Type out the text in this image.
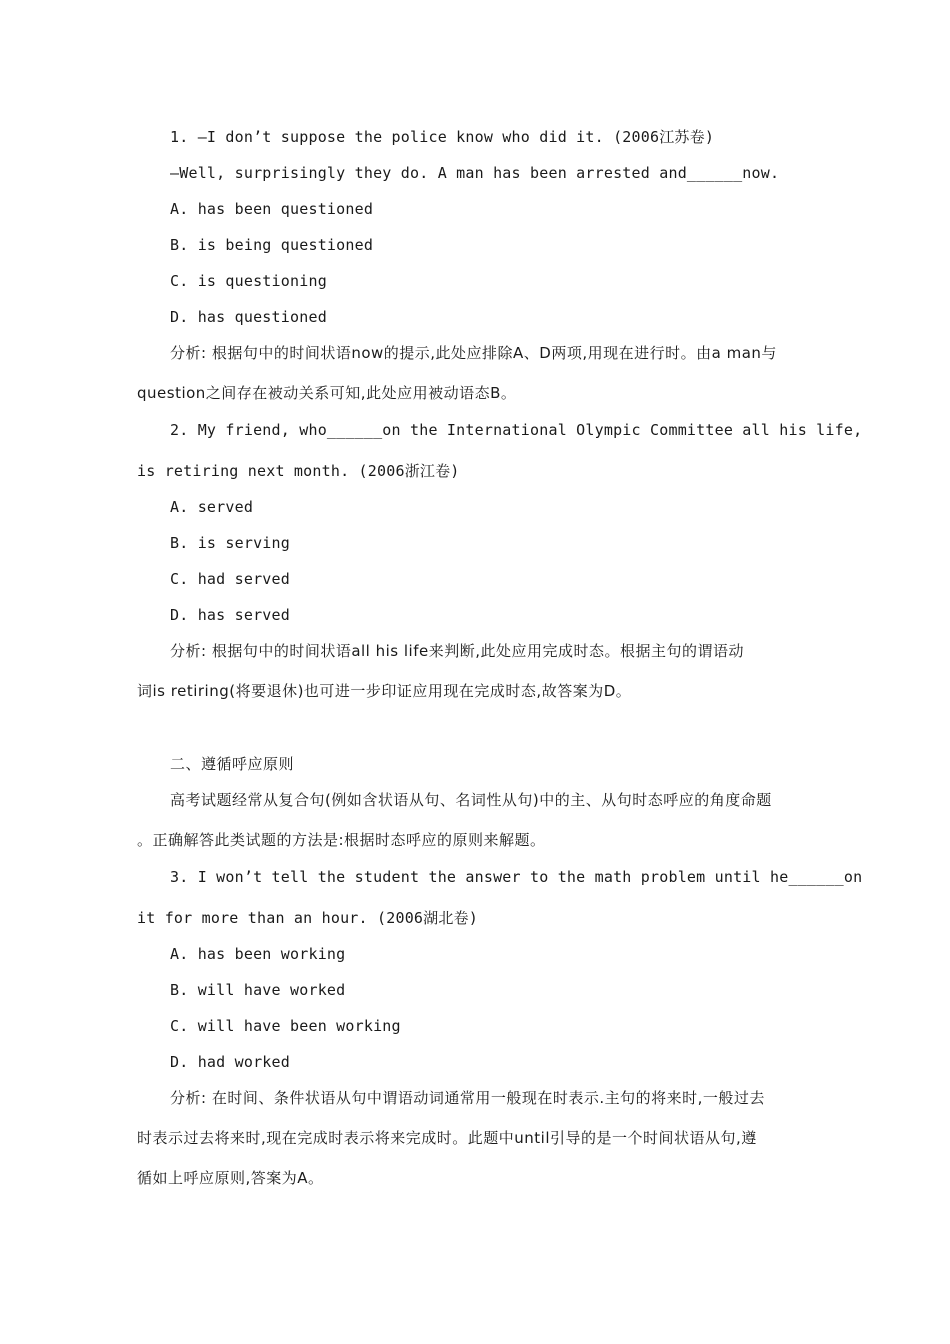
1. —I don’t suppose the police know who did it. (2006江苏卷)
—Well, surprisingly they do. A man has been arrested and______now.
A. has been questioned
B. is being questioned
C. is questioning
D. has questioned
分析: 根据句中的时间状语now的提示,此处应排除A、D两项,用现在进行时。由a man与
question之间存在被动关系可知,此处应用被动语态B。
2. My friend, who______on the International Olympic Committee all his life,
is retiring next month. (2006浙江卷)
A. served
B. is serving
C. had served
D. has served
分析: 根据句中的时间状语all his life来判断,此处应用完成时态。根据主句的谓语动
词is retiring(将要退休)也可进一步印证应用现在完成时态,故答案为D。
二、遵循呼应原则
高考试题经常从复合句(例如含状语从句、名词性从句)中的主、从句时态呼应的角度命题
。正确解答此类试题的方法是:根据时态呼应的原则来解题。
3. I won’t tell the student the answer to the math problem until he______on
it for more than an hour. (2006湖北卷)
A. has been working
B. will have worked
C. will have been working
D. had worked
分析: 在时间、条件状语从句中谓语动词通常用一般现在时表示.主句的将来时,一般过去
时表示过去将来时,现在完成时表示将来完成时。此题中until引导的是一个时间状语从句,遵
循如上呼应原则,答案为A。
